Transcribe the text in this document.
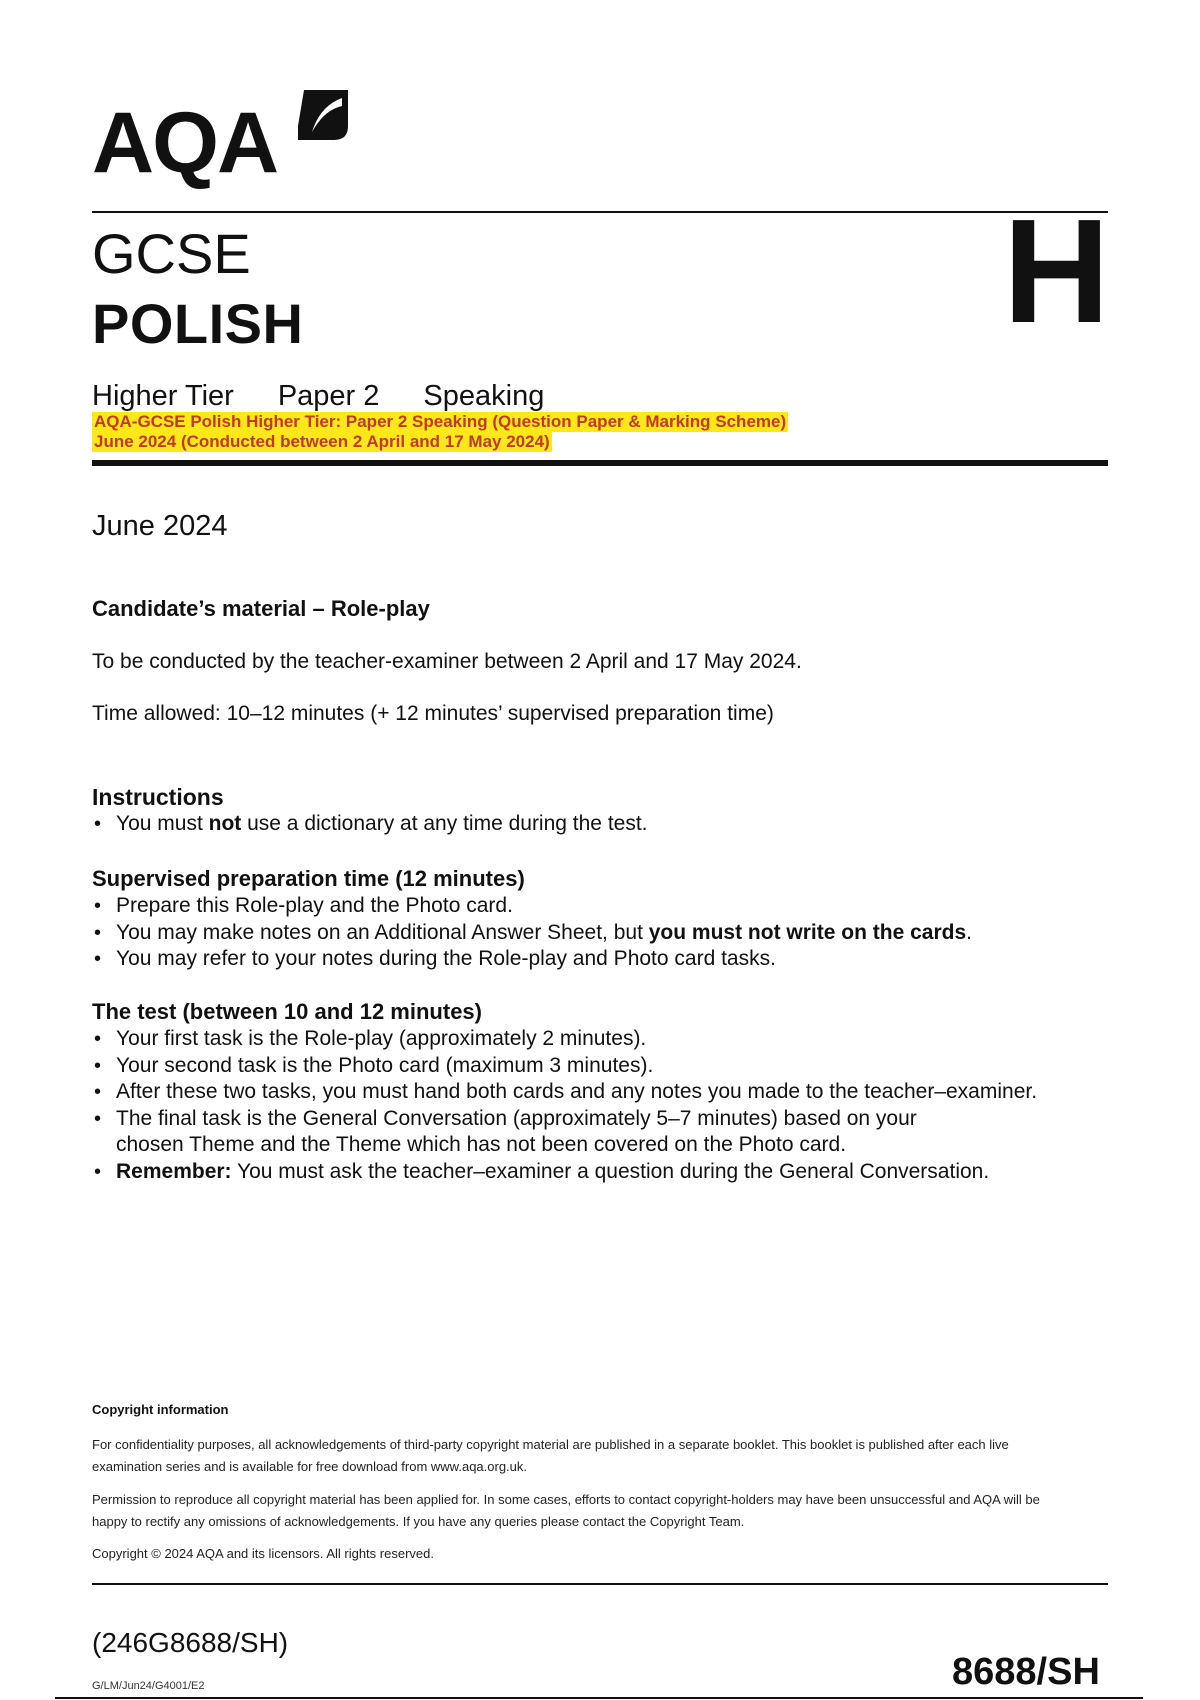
AQA
GCSE
POLISH	H
Higher Tier Paper 2 Speaking
AQA-GCSE Polish Higher Tier: Paper 2 Speaking (Question Paper & Marking Scheme)
June 2024 (Conducted between 2 April and 17 May 2024)
June 2024
Candidate’s material – Role-play
To be conducted by the teacher-examiner between 2 April and 17 May 2024.
Time allowed: 10–12 minutes (+ 12 minutes’ supervised preparation time)
Instructions
• You must not use a dictionary at any time during the test.
Supervised preparation time (12 minutes)
• Prepare this Role-play and the Photo card.
• You may make notes on an Additional Answer Sheet, but you must not write on the cards.
• You may refer to your notes during the Role-play and Photo card tasks.
The test (between 10 and 12 minutes)
• Your first task is the Role-play (approximately 2 minutes).
• Your second task is the Photo card (maximum 3 minutes).
• After these two tasks, you must hand both cards and any notes you made to the teacher–examiner.
• The final task is the General Conversation (approximately 5–7 minutes) based on your chosen Theme and the Theme which has not been covered on the Photo card.
• Remember: You must ask the teacher–examiner a question during the General Conversation.
Copyright information
For confidentiality purposes, all acknowledgements of third-party copyright material are published in a separate booklet. This booklet is published after each live examination series and is available for free download from www.aqa.org.uk.
Permission to reproduce all copyright material has been applied for. In some cases, efforts to contact copyright-holders may have been unsuccessful and AQA will be happy to rectify any omissions of acknowledgements. If you have any queries please contact the Copyright Team.
Copyright © 2024 AQA and its licensors. All rights reserved.
(246G8688/SH)
8688/SH
G/LM/Jun24/G4001/E2
